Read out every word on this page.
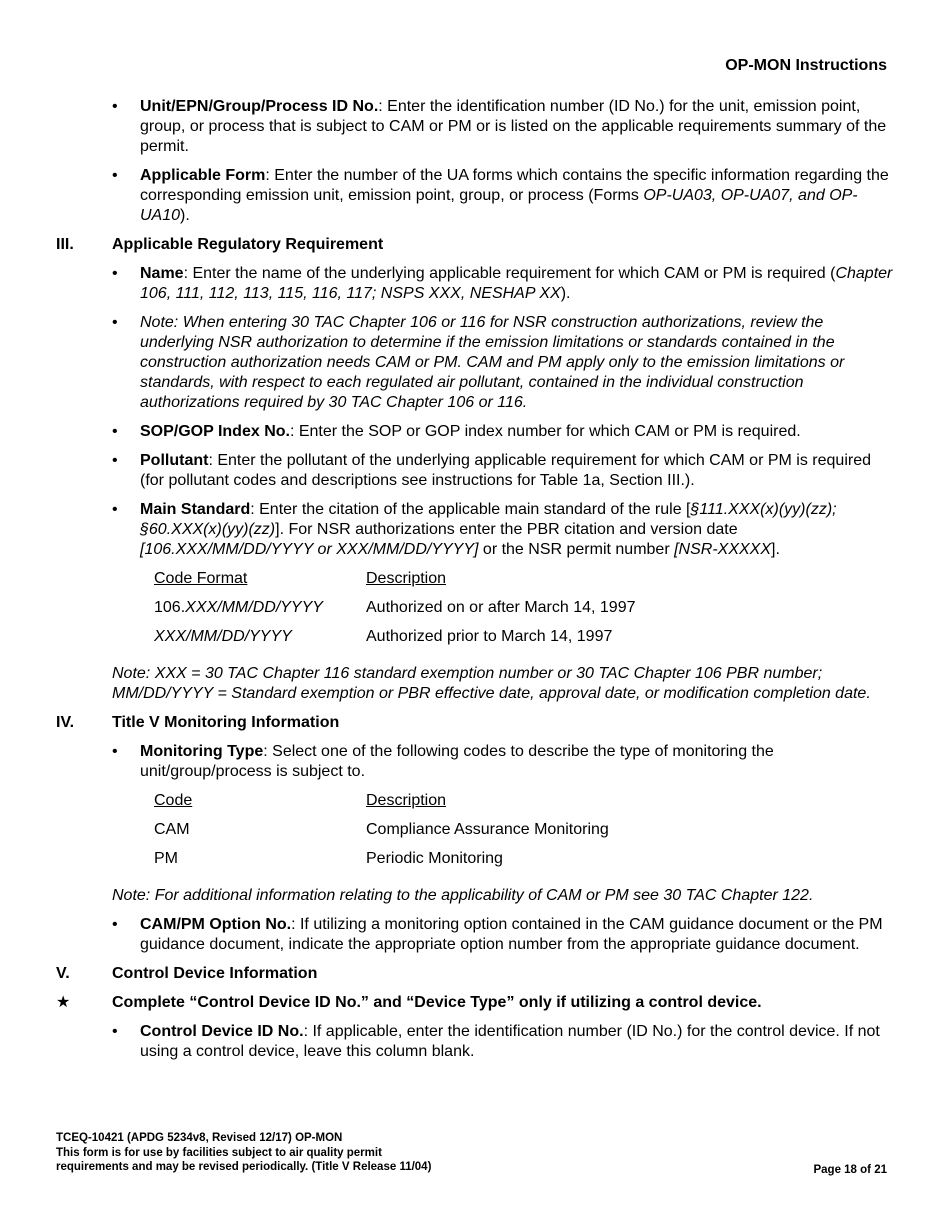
OP-MON Instructions
• Unit/EPN/Group/Process ID No.: Enter the identification number (ID No.) for the unit, emission point, group, or process that is subject to CAM or PM or is listed on the applicable requirements summary of the permit.

• Applicable Form: Enter the number of the UA forms which contains the specific information regarding the corresponding emission unit, emission point, group, or process (Forms OP-UA03, OP-UA07, and OP-UA10).

III. Applicable Regulatory Requirement
• Name: Enter the name of the underlying applicable requirement for which CAM or PM is required (Chapter 106, 111, 112, 113, 115, 116, 117; NSPS XXX, NESHAP XX).

• Note: When entering 30 TAC Chapter 106 or 116 for NSR construction authorizations, review the underlying NSR authorization to determine if the emission limitations or standards contained in the construction authorization needs CAM or PM. CAM and PM apply only to the emission limitations or standards, with respect to each regulated air pollutant, contained in the individual construction authorizations required by 30 TAC Chapter 106 or 116.

• SOP/GOP Index No.: Enter the SOP or GOP index number for which CAM or PM is required.

• Pollutant: Enter the pollutant of the underlying applicable requirement for which CAM or PM is required (for pollutant codes and descriptions see instructions for Table 1a, Section III.).

• Main Standard: Enter the citation of the applicable main standard of the rule [§111.XXX(x)(yy)(zz); §60.XXX(x)(yy)(zz)]. For NSR authorizations enter the PBR citation and version date [106.XXX/MM/DD/YYYY or XXX/MM/DD/YYYY] or the NSR permit number [NSR-XXXXX].

Code Format	Description
106.XXX/MM/DD/YYYY	Authorized on or after March 14, 1997
XXX/MM/DD/YYYY	Authorized prior to March 14, 1997
Note: XXX = 30 TAC Chapter 116 standard exemption number or 30 TAC Chapter 106 PBR number; MM/DD/YYYY = Standard exemption or PBR effective date, approval date, or modification completion date.
IV. Title V Monitoring Information
• Monitoring Type: Select one of the following codes to describe the type of monitoring the unit/group/process is subject to.

Code	Description
CAM	Compliance Assurance Monitoring
PM	Periodic Monitoring
Note: For additional information relating to the applicability of CAM or PM see 30 TAC Chapter 122.
• CAM/PM Option No.: If utilizing a monitoring option contained in the CAM guidance document or the PM guidance document, indicate the appropriate option number from the appropriate guidance document.

V.	Control Device Information
★	Complete “Control Device ID No.” and “Device Type” only if utilizing a control device.
• Control Device ID No.: If applicable, enter the identification number (ID No.) for the control device. If not using a control device, leave this column blank.

TCEQ-10421 (APDG 5234v8, Revised 12/17) OP-MON
This form is for use by facilities subject to air quality permit
requirements and may be revised periodically. (Title V Release 11/04)	Page 18 of 21
